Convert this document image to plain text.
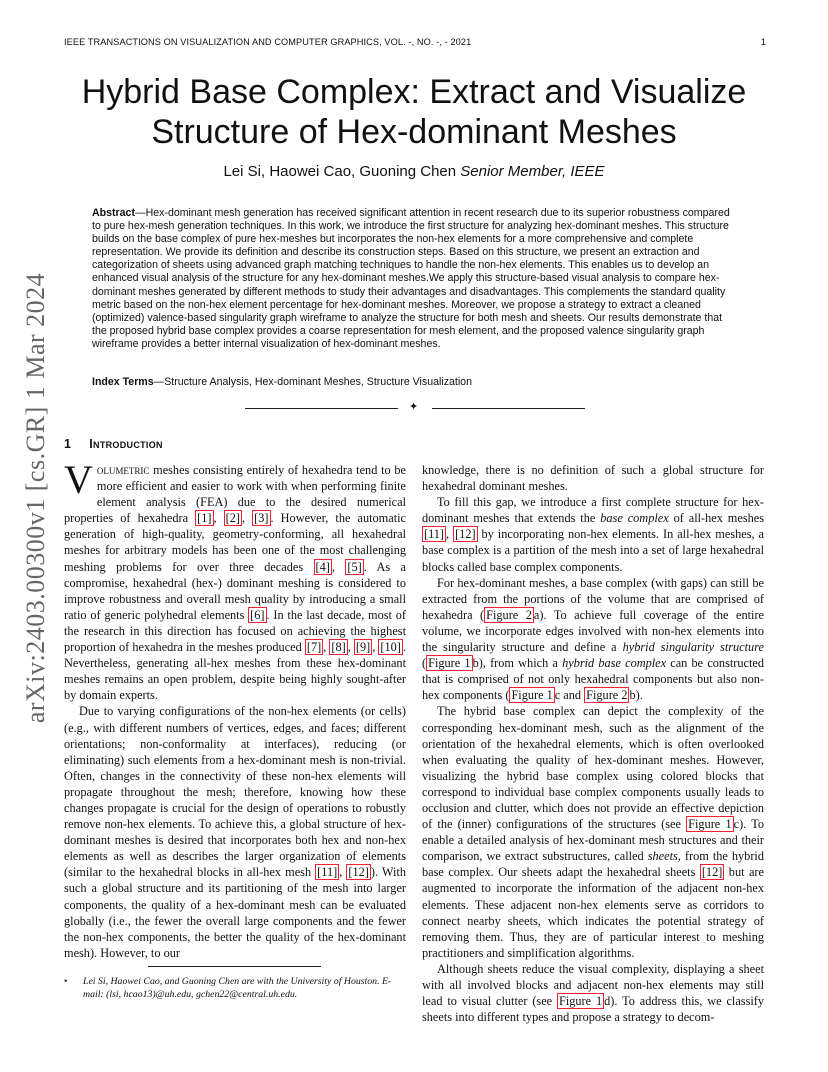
IEEE TRANSACTIONS ON VISUALIZATION AND COMPUTER GRAPHICS, VOL. -, NO. -, - 2021	1
arXiv:2403.00300v1 [cs.GR] 1 Mar 2024
Hybrid Base Complex: Extract and Visualize
Structure of Hex-dominant Meshes
Lei Si, Haowei Cao, Guoning Chen Senior Member, IEEE

Abstract—Hex-dominant mesh generation has received significant attention in recent research due to its superior robustness compared to pure hex-mesh generation techniques. In this work, we introduce the first structure for analyzing hex-dominant meshes. This structure builds on the base complex of pure hex-meshes but incorporates the non-hex elements for a more comprehensive and complete representation. We provide its definition and describe its construction steps. Based on this structure, we present an extraction and categorization of sheets using advanced graph matching techniques to handle the non-hex elements. This enables us to develop an enhanced visual analysis of the structure for any hex-dominant meshes.We apply this structure-based visual analysis to compare hex-dominant meshes generated by different methods to study their advantages and disadvantages. This complements the standard quality metric based on the non-hex element percentage for hex-dominant meshes. Moreover, we propose a strategy to extract a cleaned (optimized) valence-based singularity graph wireframe to analyze the structure for both mesh and sheets. Our results demonstrate that the proposed hybrid base complex provides a coarse representation for mesh element, and the proposed valence singularity graph wireframe provides a better internal visualization of hex-dominant meshes.

Index Terms—Structure Analysis, Hex-dominant Meshes, Structure Visualization
✦
1 Introduction

Volumetric meshes consisting entirely of hexahedra tend to be more efficient and easier to work with when performing finite element analysis (FEA) due to the desired numerical properties of hexahedra [1] , [2] , [3] . However, the automatic generation of high-quality, geometry-conforming, all hexahedral meshes for arbitrary models has been one of the most challenging meshing problems for over three decades [4] , [5] . As a compromise, hexahedral (hex-) dominant meshing is considered to improve robustness and overall mesh quality by introducing a small ratio of generic polyhedral elements [6] . In the last decade, most of the research in this direction has focused on achieving the highest proportion of hexahedra in the meshes produced [7] , [8] , [9] , [10] . Nevertheless, generating all-hex meshes from these hex-dominant meshes remains an open problem, despite being highly sought-after by domain experts.

Due to varying configurations of the non-hex elements (or cells) (e.g., with different numbers of vertices, edges, and faces; different orientations; non-conformality at interfaces), reducing (or eliminating) such elements from a hex-dominant mesh is non-trivial. Often, changes in the connectivity of these non-hex elements will propagate throughout the mesh; therefore, knowing how these changes propagate is crucial for the design of operations to robustly remove non-hex elements. To achieve this, a global structure of hex-dominant meshes is desired that incorporates both hex and non-hex elements as well as describes the larger organization of elements (similar to the hexahedral blocks in all-hex mesh [11] , [12] ). With such a global structure and its partitioning of the mesh into larger components, the quality of a hex-dominant mesh can be evaluated globally (i.e., the fewer the overall large components and the fewer the non-hex components, the better the quality of the hex-dominant mesh). However, to our

knowledge, there is no definition of such a global structure for hexahedral dominant meshes.

To fill this gap, we introduce a first complete structure for hex-dominant meshes that extends the base complex of all-hex meshes [11] , [12] by incorporating non-hex elements. In all-hex meshes, a base complex is a partition of the mesh into a set of large hexahedral blocks called base complex components.

For hex-dominant meshes, a base complex (with gaps) can still be extracted from the portions of the volume that are comprised of hexahedra ( Figure 2 a). To achieve full coverage of the entire volume, we incorporate edges involved with non-hex elements into the singularity structure and define a hybrid singularity structure ( Figure 1 b), from which a hybrid base complex can be constructed that is comprised of not only hexahedral components but also non-hex components ( Figure 1 c and Figure 2 b).

The hybrid base complex can depict the complexity of the corresponding hex-dominant mesh, such as the alignment of the orientation of the hexahedral elements, which is often overlooked when evaluating the quality of hex-dominant meshes. However, visualizing the hybrid base complex using colored blocks that correspond to individual base complex components usually leads to occlusion and clutter, which does not provide an effective depiction of the (inner) configurations of the structures (see Figure 1 c). To enable a detailed analysis of hex-dominant mesh structures and their comparison, we extract substructures, called sheets, from the hybrid base complex. Our sheets adapt the hexahedral sheets [12] but are augmented to incorporate the information of the adjacent non-hex elements. These adjacent non-hex elements serve as corridors to connect nearby sheets, which indicates the potential strategy of removing them. Thus, they are of particular interest to meshing practitioners and simplification algorithms.

Although sheets reduce the visual complexity, displaying a sheet with all involved blocks and adjacent non-hex elements may still lead to visual clutter (see Figure 1 d). To address this, we classify sheets into different types and propose a strategy to decom-

• Lei Si, Haowei Cao, and Guoning Chen are with the University of Houston. E-mail: (lsi, hcao13)@uh.edu, gchen22@central.uh.edu.
